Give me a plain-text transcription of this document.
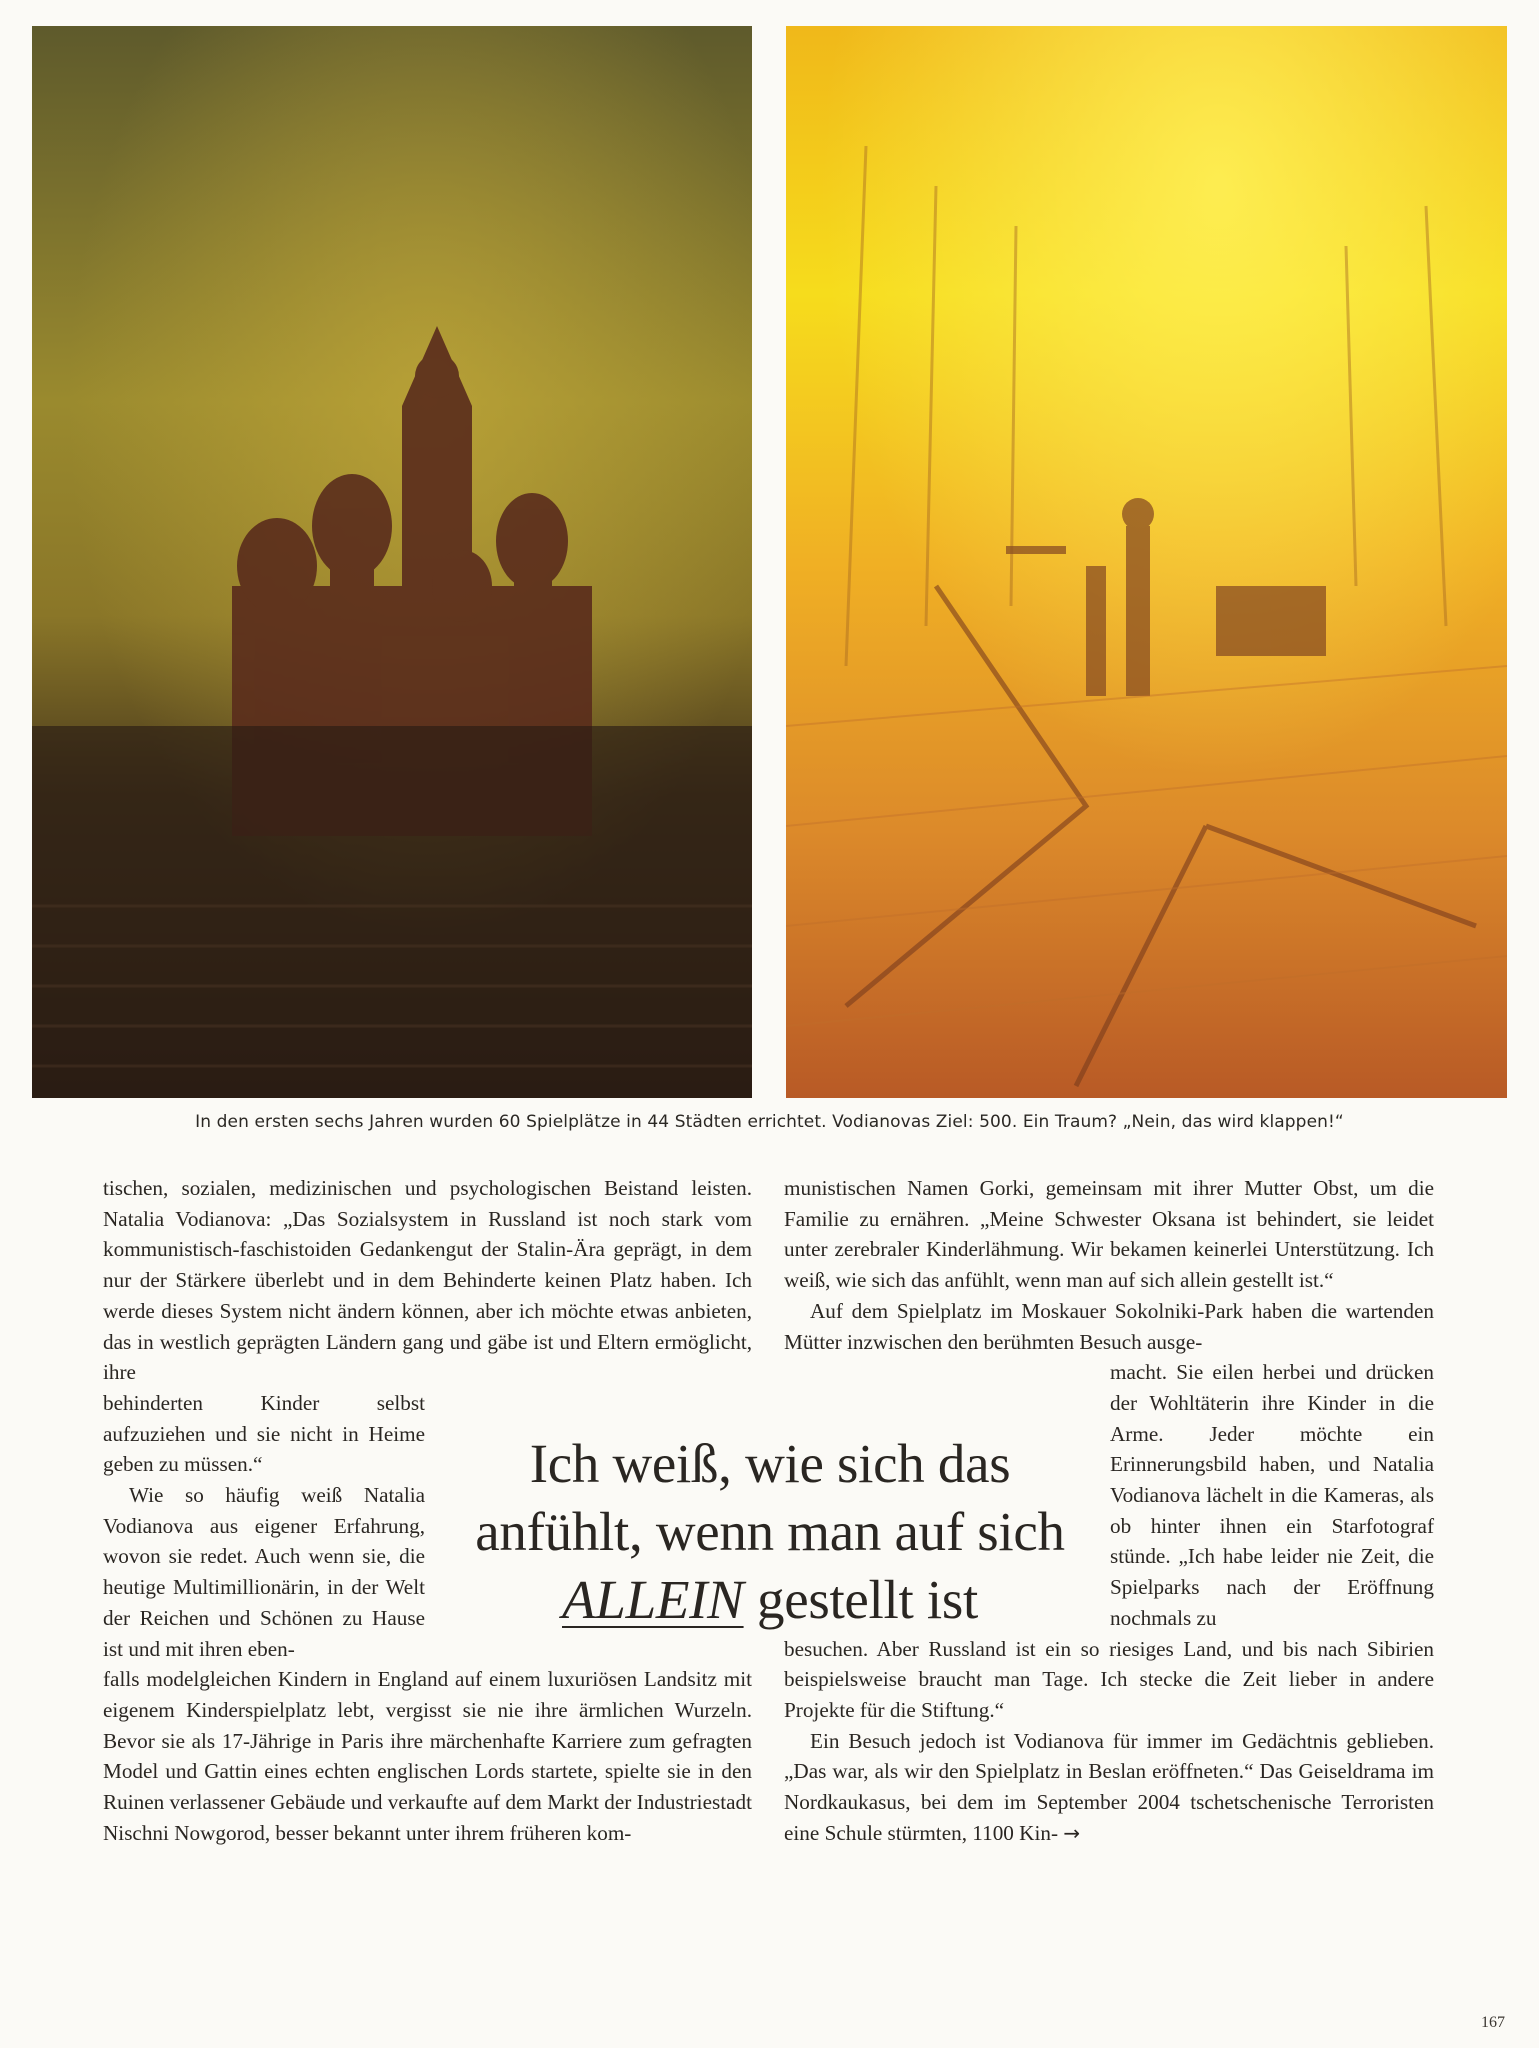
In den ersten sechs Jahren wurden 60 Spielplätze in 44 Städten errichtet. Vodianovas Ziel: 500. Ein Traum? „Nein, das wird klappen!“

tischen, sozialen, medizinischen und psychologischen Beistand leisten. Natalia Vodianova: „Das Sozialsystem in Russland ist noch stark vom kommunistisch-faschistoiden Gedankengut der Stalin-Ära geprägt, in dem nur der Stärkere überlebt und in dem Behinderte keinen Platz haben. Ich werde dieses System nicht ändern können, aber ich möchte etwas anbieten, das in westlich geprägten Ländern gang und gäbe ist und Eltern ermöglicht, ihre

behinderten Kinder selbst aufzuziehen und sie nicht in Heime geben zu müssen.“

Wie so häufig weiß Natalia Vodianova aus eigener Erfahrung, wovon sie redet. Auch wenn sie, die heutige Multimillionärin, in der Welt der Reichen und Schönen zu Hause ist und mit ihren eben-

falls modelgleichen Kindern in England auf einem luxuriösen Landsitz mit eigenem Kinderspielplatz lebt, vergisst sie nie ihre ärmlichen Wurzeln. Bevor sie als 17-Jährige in Paris ihre märchenhafte Karriere zum gefragten Model und Gattin eines echten englischen Lords startete, spielte sie in den Ruinen verlassener Gebäude und verkaufte auf dem Markt der Industriestadt Nischni Nowgorod, besser bekannt unter ihrem früheren kom-

Ich weiß, wie sich das
anfühlt, wenn man auf sich
ALLEIN gestellt ist

munistischen Namen Gorki, gemeinsam mit ihrer Mutter Obst, um die Familie zu ernähren. „Meine Schwester Oksana ist behindert, sie leidet unter zerebraler Kinderlähmung. Wir bekamen keinerlei Unterstützung. Ich weiß, wie sich das anfühlt, wenn man auf sich allein gestellt ist.“

Auf dem Spielplatz im Moskauer Sokolniki-Park haben die wartenden Mütter inzwischen den berühmten Besuch ausge-

macht. Sie eilen herbei und drücken der Wohltäterin ihre Kinder in die Arme. Jeder möchte ein Erinnerungsbild haben, und Natalia Vodianova lächelt in die Kameras, als ob hinter ihnen ein Starfotograf stünde. „Ich habe leider nie Zeit, die Spielparks nach der Eröffnung nochmals zu

besuchen. Aber Russland ist ein so riesiges Land, und bis nach Sibirien beispielsweise braucht man Tage. Ich stecke die Zeit lieber in andere Projekte für die Stiftung.“

Ein Besuch jedoch ist Vodianova für immer im Gedächtnis geblieben. „Das war, als wir den Spielplatz in Beslan eröffneten.“ Das Geiseldrama im Nordkaukasus, bei dem im September 2004 tschetschenische Terroristen eine Schule stürmten, 1100 Kin- →

167
